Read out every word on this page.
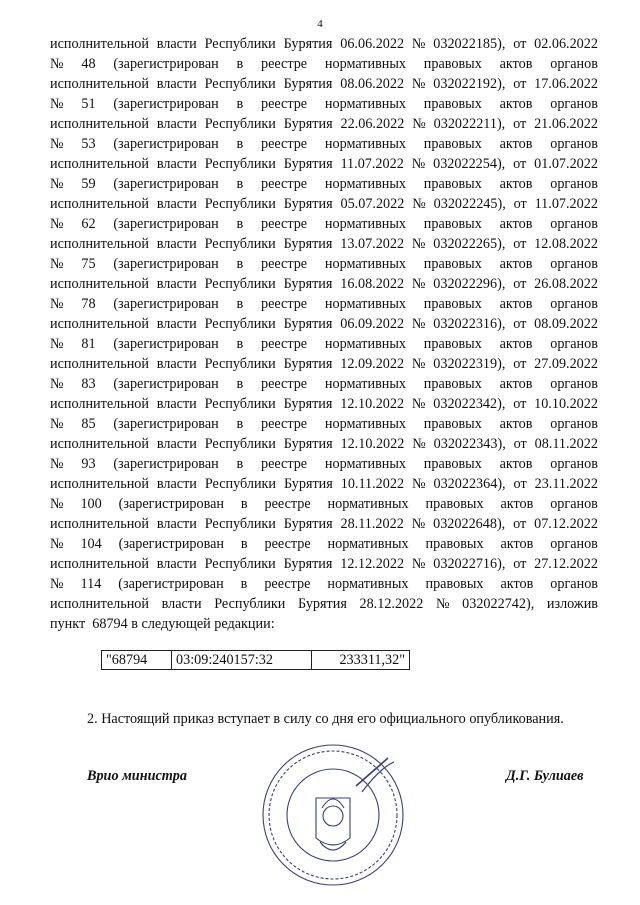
4
исполнительной власти Республики Бурятия 06.06.2022 № 032022185), от 02.06.2022
№ 48 (зарегистрирован в реестре нормативных правовых актов органов
исполнительной власти Республики Бурятия 08.06.2022 № 032022192), от 17.06.2022
№ 51 (зарегистрирован в реестре нормативных правовых актов органов
исполнительной власти Республики Бурятия 22.06.2022 № 032022211), от 21.06.2022
№ 53 (зарегистрирован в реестре нормативных правовых актов органов
исполнительной власти Республики Бурятия 11.07.2022 № 032022254), от 01.07.2022
№ 59 (зарегистрирован в реестре нормативных правовых актов органов
исполнительной власти Республики Бурятия 05.07.2022 № 032022245), от 11.07.2022
№ 62 (зарегистрирован в реестре нормативных правовых актов органов
исполнительной власти Республики Бурятия 13.07.2022 № 032022265), от 12.08.2022
№ 75 (зарегистрирован в реестре нормативных правовых актов органов
исполнительной власти Республики Бурятия 16.08.2022 № 032022296), от 26.08.2022
№ 78 (зарегистрирован в реестре нормативных правовых актов органов
исполнительной власти Республики Бурятия 06.09.2022 № 032022316), от 08.09.2022
№ 81 (зарегистрирован в реестре нормативных правовых актов органов
исполнительной власти Республики Бурятия 12.09.2022 № 032022319), от 27.09.2022
№ 83 (зарегистрирован в реестре нормативных правовых актов органов
исполнительной власти Республики Бурятия 12.10.2022 № 032022342), от 10.10.2022
№ 85 (зарегистрирован в реестре нормативных правовых актов органов
исполнительной власти Республики Бурятия 12.10.2022 № 032022343), от 08.11.2022
№ 93 (зарегистрирован в реестре нормативных правовых актов органов
исполнительной власти Республики Бурятия 10.11.2022 № 032022364), от 23.11.2022
№ 100 (зарегистрирован в реестре нормативных правовых актов органов
исполнительной власти Республики Бурятия 28.11.2022 № 032022648), от 07.12.2022
№ 104 (зарегистрирован в реестре нормативных правовых актов органов
исполнительной власти Республики Бурятия 12.12.2022 № 032022716), от 27.12.2022
№ 114 (зарегистрирован в реестре нормативных правовых актов органов
исполнительной власти Республики Бурятия 28.12.2022 № 032022742), изложив
пункт  68794 в следующей редакции:
"68794	03:09:240157:32	233311,32"
2. Настоящий приказ вступает в силу со дня его официального опубликования.
Врио министра	Д.Г. Булиаев
